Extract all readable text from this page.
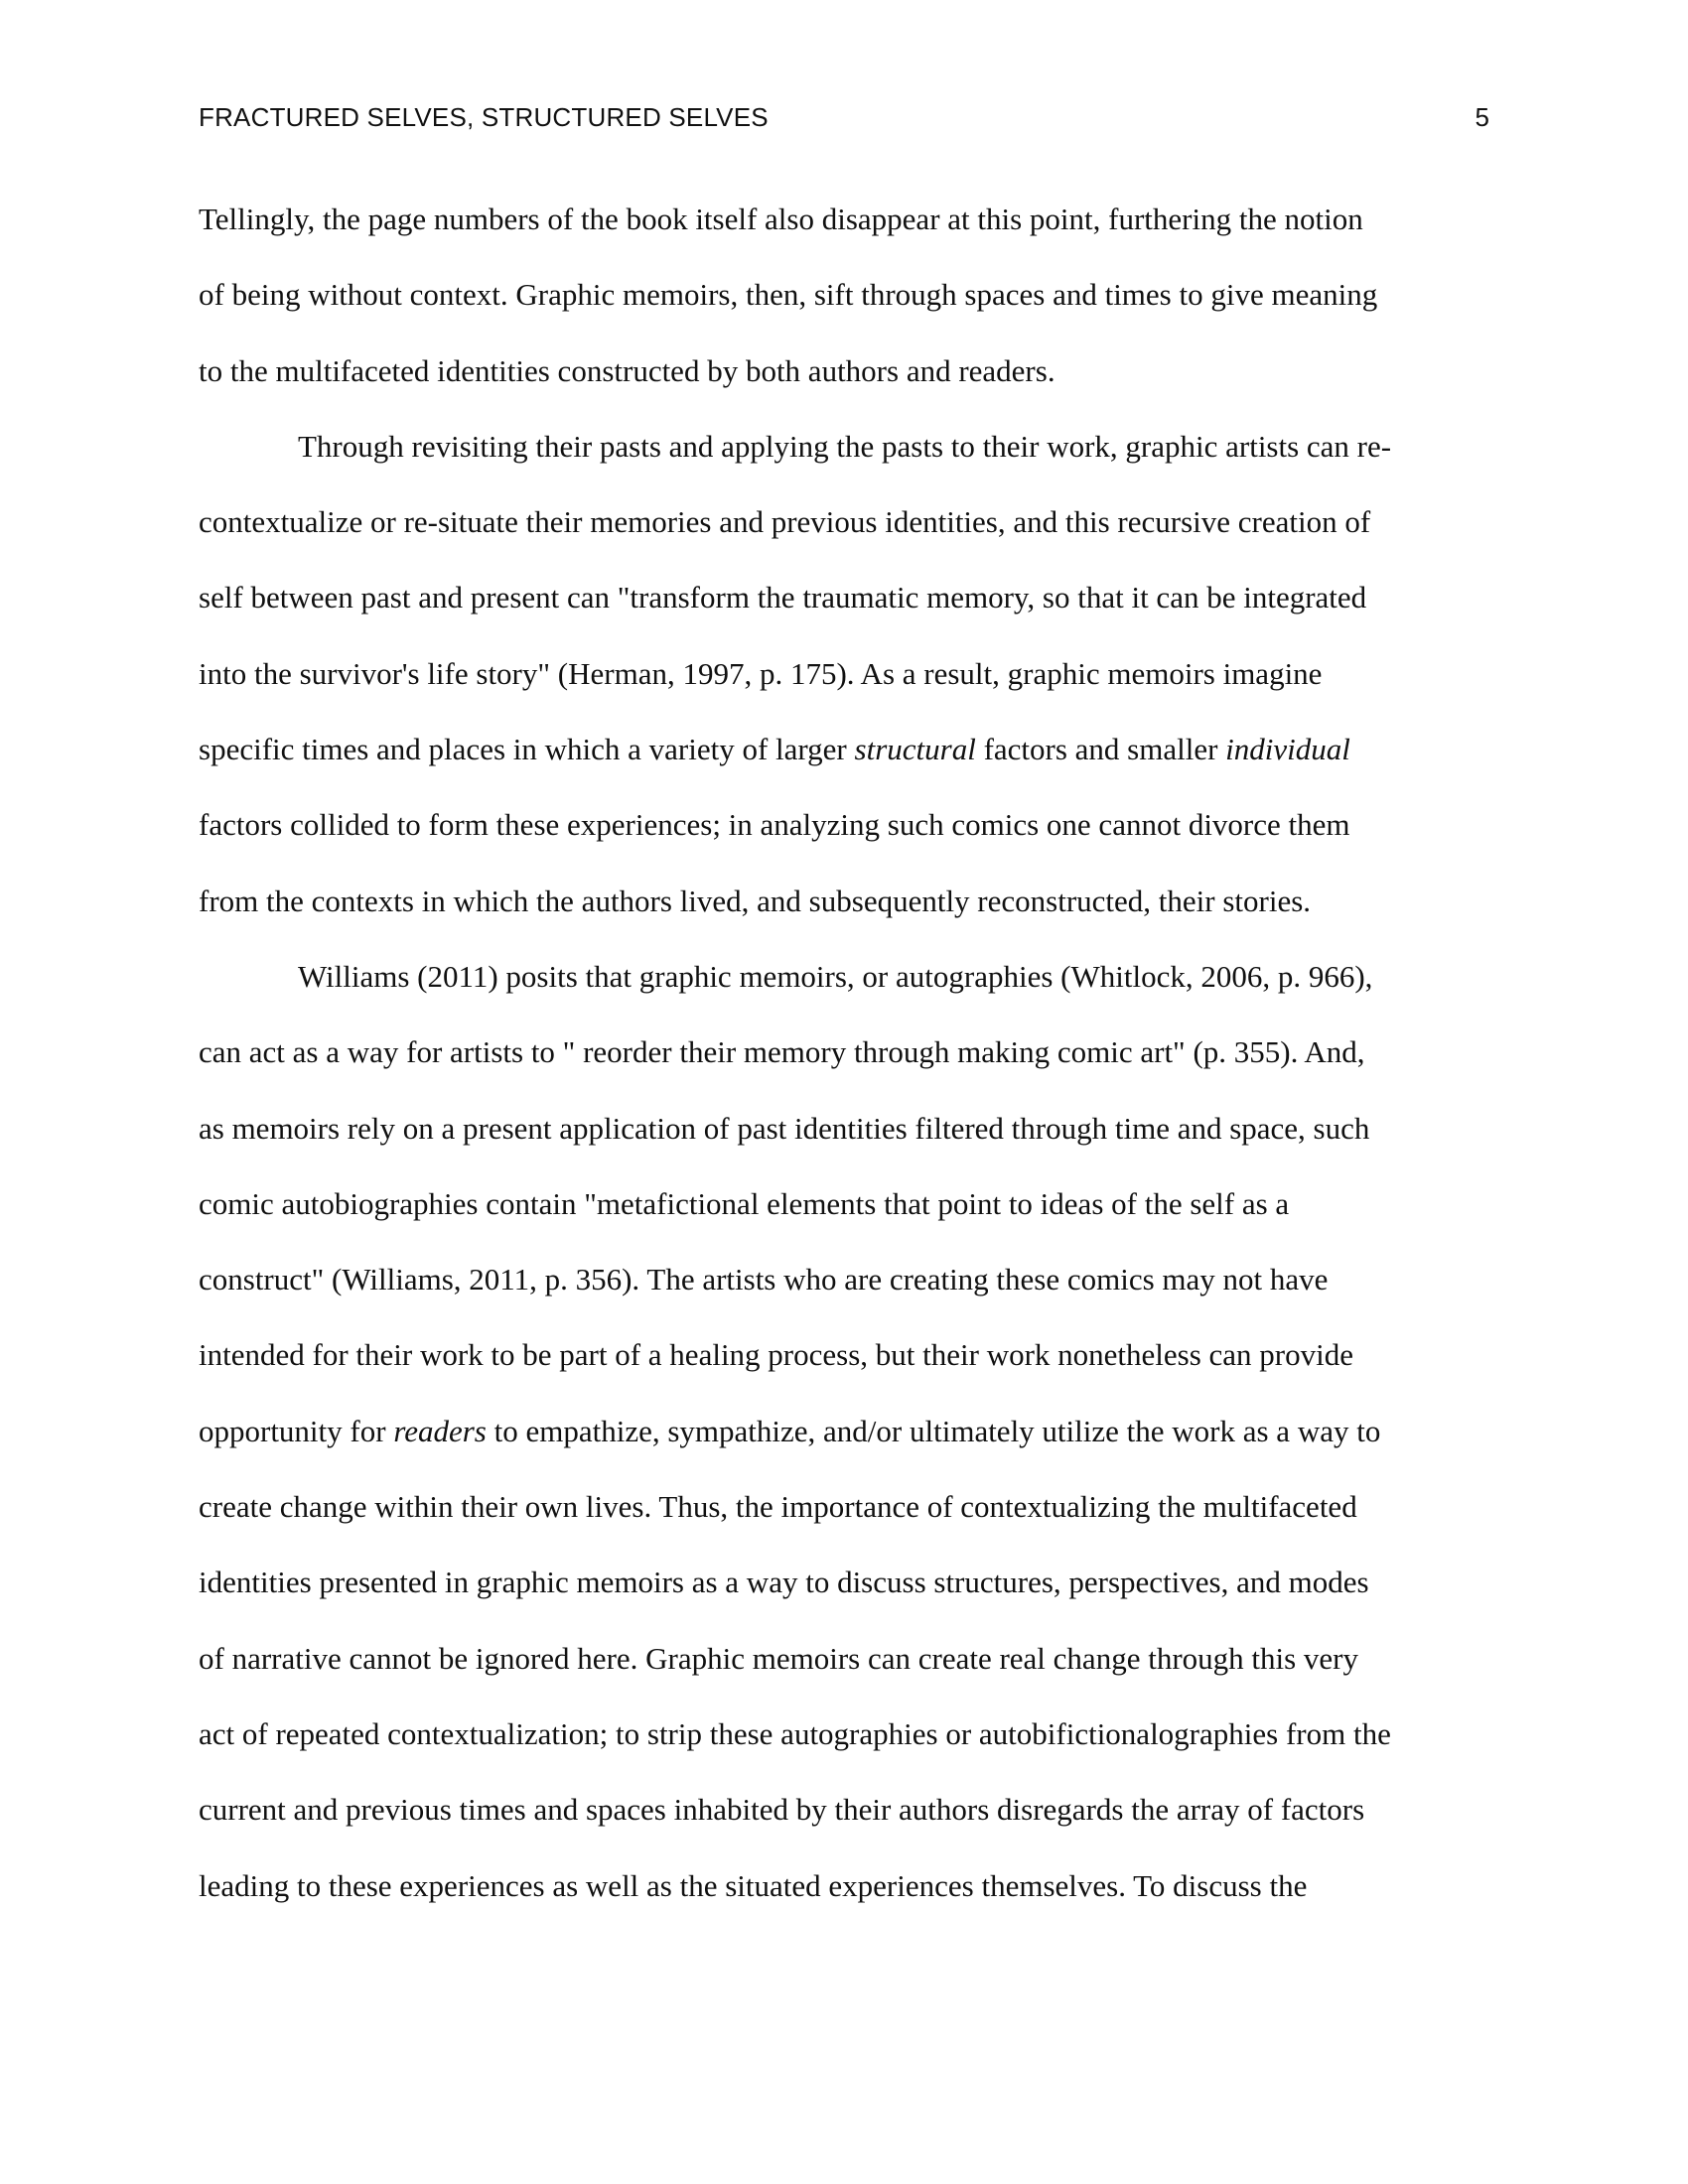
FRACTURED SELVES, STRUCTURED SELVES	5
Tellingly, the page numbers of the book itself also disappear at this point, furthering the notion
of being without context. Graphic memoirs, then, sift through spaces and times to give meaning
to the multifaceted identities constructed by both authors and readers.
Through revisiting their pasts and applying the pasts to their work, graphic artists can re-
contextualize or re-situate their memories and previous identities, and this recursive creation of
self between past and present can "transform the traumatic memory, so that it can be integrated
into the survivor's life story" (Herman, 1997, p. 175). As a result, graphic memoirs imagine
specific times and places in which a variety of larger structural factors and smaller individual
factors collided to form these experiences; in analyzing such comics one cannot divorce them
from the contexts in which the authors lived, and subsequently reconstructed, their stories.
Williams (2011) posits that graphic memoirs, or autographies (Whitlock, 2006, p. 966),
can act as a way for artists to " reorder their memory through making comic art" (p. 355). And,
as memoirs rely on a present application of past identities filtered through time and space, such
comic autobiographies contain "metafictional elements that point to ideas of the self as a
construct" (Williams, 2011, p. 356). The artists who are creating these comics may not have
intended for their work to be part of a healing process, but their work nonetheless can provide
opportunity for readers to empathize, sympathize, and/or ultimately utilize the work as a way to
create change within their own lives. Thus, the importance of contextualizing the multifaceted
identities presented in graphic memoirs as a way to discuss structures, perspectives, and modes
of narrative cannot be ignored here. Graphic memoirs can create real change through this very
act of repeated contextualization; to strip these autographies or autobifictionalographies from the
current and previous times and spaces inhabited by their authors disregards the array of factors
leading to these experiences as well as the situated experiences themselves. To discuss the
